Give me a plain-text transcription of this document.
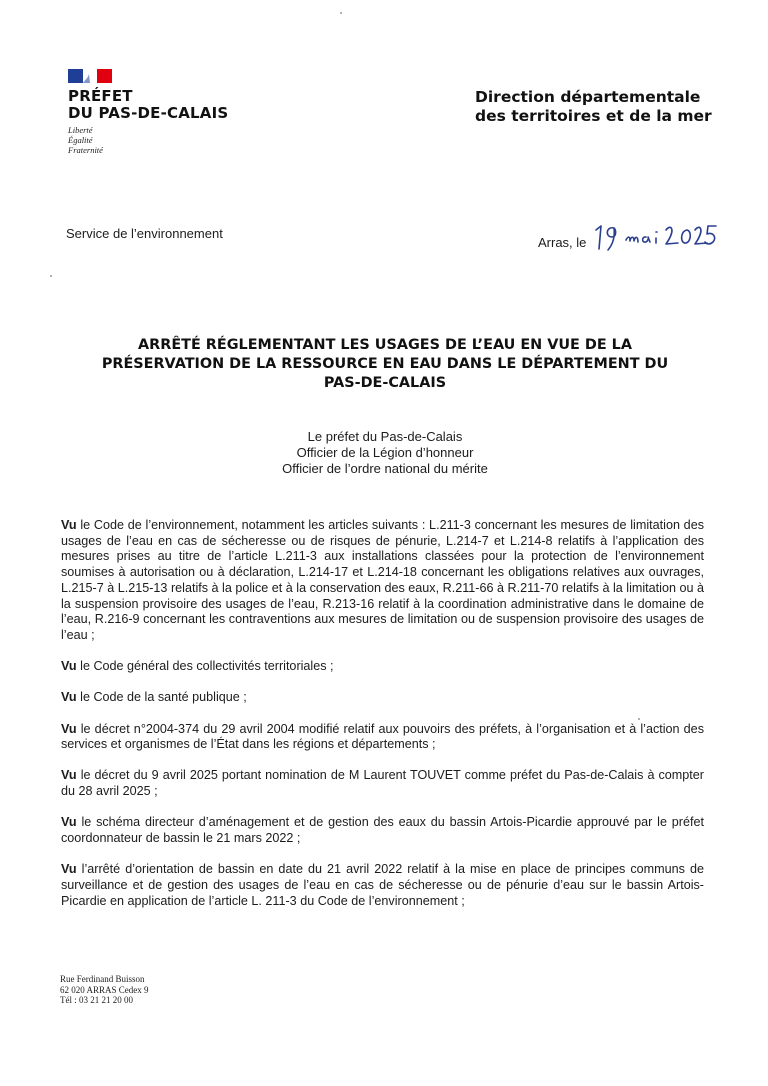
PRÉFET
DU PAS-DE-CALAIS
Liberté
Égalité
Fraternité
Direction départementale
des territoires et de la mer
Service de l’environnement
Arras, le
ARRÊTÉ RÉGLEMENTANT LES USAGES DE L’EAU EN VUE DE LA PRÉSERVATION DE LA RESSOURCE EN EAU DANS LE DÉPARTEMENT DU PAS-DE-CALAIS
Le préfet du Pas-de-Calais
Officier de la Légion d’honneur
Officier de l’ordre national du mérite

Vu le Code de l’environnement, notamment les articles suivants : L.211-3 concernant les mesures de limitation des usages de l’eau en cas de sécheresse ou de risques de pénurie, L.214-7 et L.214-8 relatifs à l’application des mesures prises au titre de l’article L.211-3 aux installations classées pour la protection de l’environnement soumises à autorisation ou à déclaration, L.214-17 et L.214-18 concernant les obligations relatives aux ouvrages, L.215-7 à L.215-13 relatifs à la police et à la conservation des eaux, R.211-66 à R.211-70 relatifs à la limitation ou à la suspension provisoire des usages de l’eau, R.213-16 relatif à la coordination administrative dans le domaine de l’eau, R.216-9 concernant les contraventions aux mesures de limitation ou de suspension provisoire des usages de l’eau ;

Vu le Code général des collectivités territoriales ;

Vu le Code de la santé publique ;

Vu le décret n°2004-374 du 29 avril 2004 modifié relatif aux pouvoirs des préfets, à l’organisation et à l’action des services et organismes de l’État dans les régions et départements ;

Vu le décret du 9 avril 2025 portant nomination de M Laurent TOUVET comme préfet du Pas-de-Calais à compter du 28 avril 2025 ;

Vu le schéma directeur d’aménagement et de gestion des eaux du bassin Artois-Picardie approuvé par le préfet coordonnateur de bassin le 21 mars 2022 ;

Vu l’arrêté d’orientation de bassin en date du 21 avril 2022 relatif à la mise en place de principes communs de surveillance et de gestion des usages de l’eau en cas de sécheresse ou de pénurie d’eau sur le bassin Artois-Picardie en application de l’article L. 211-3 du Code de l’environnement ;

Rue Ferdinand Buisson
62 020 ARRAS Cedex 9
Tél : 03 21 21 20 00
